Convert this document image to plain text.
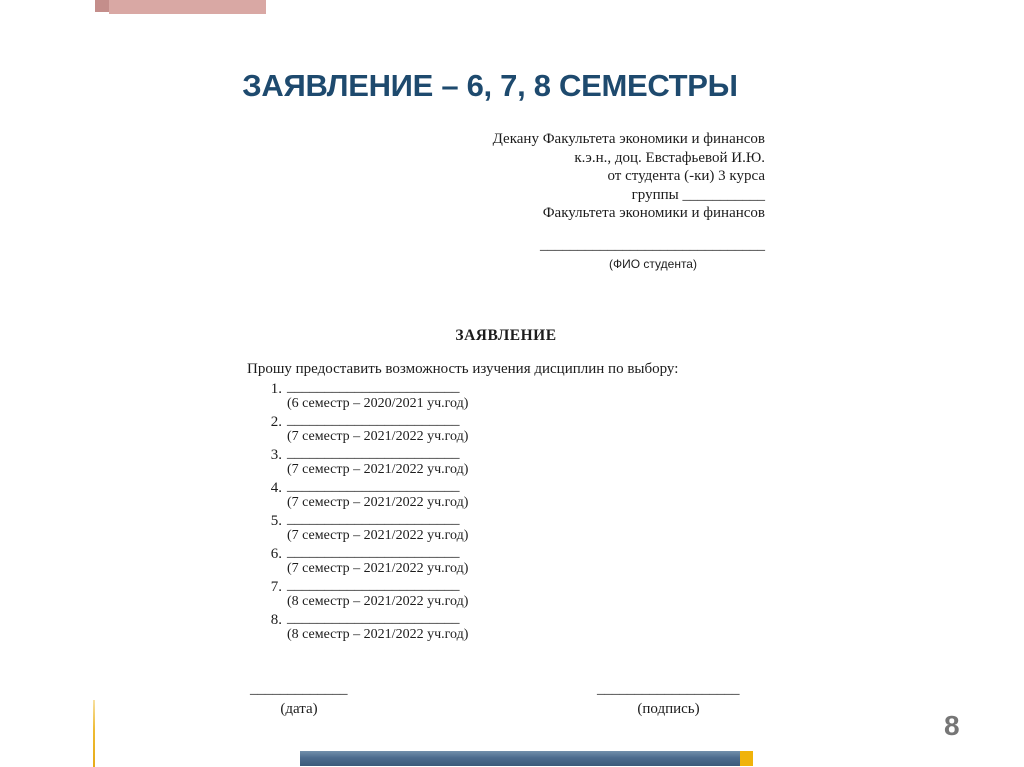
ЗАЯВЛЕНИЕ – 6, 7, 8 СЕМЕСТРЫ
Декану Факультета экономики и финансов
к.э.н., доц. Евстафьевой И.Ю.
от студента (-ки) 3 курса
группы ___________
Факультета экономики и финансов
______________________________
(ФИО студента)
ЗАЯВЛЕНИЕ
Прошу предоставить возможность изучения дисциплин по выбору:
1. _______________________
(6 семестр – 2020/2021 уч.год)
2. _______________________
(7 семестр – 2021/2022 уч.год)
3. _______________________
(7 семестр – 2021/2022 уч.год)
4. _______________________
(7 семестр – 2021/2022 уч.год)
5. _______________________
(7 семестр – 2021/2022 уч.год)
6. _______________________
(7 семестр – 2021/2022 уч.год)
7. _______________________
(8 семестр – 2021/2022 уч.год)
8. _______________________
(8 семестр – 2021/2022 уч.год)
_____________
(дата)
___________________
(подпись)
8
